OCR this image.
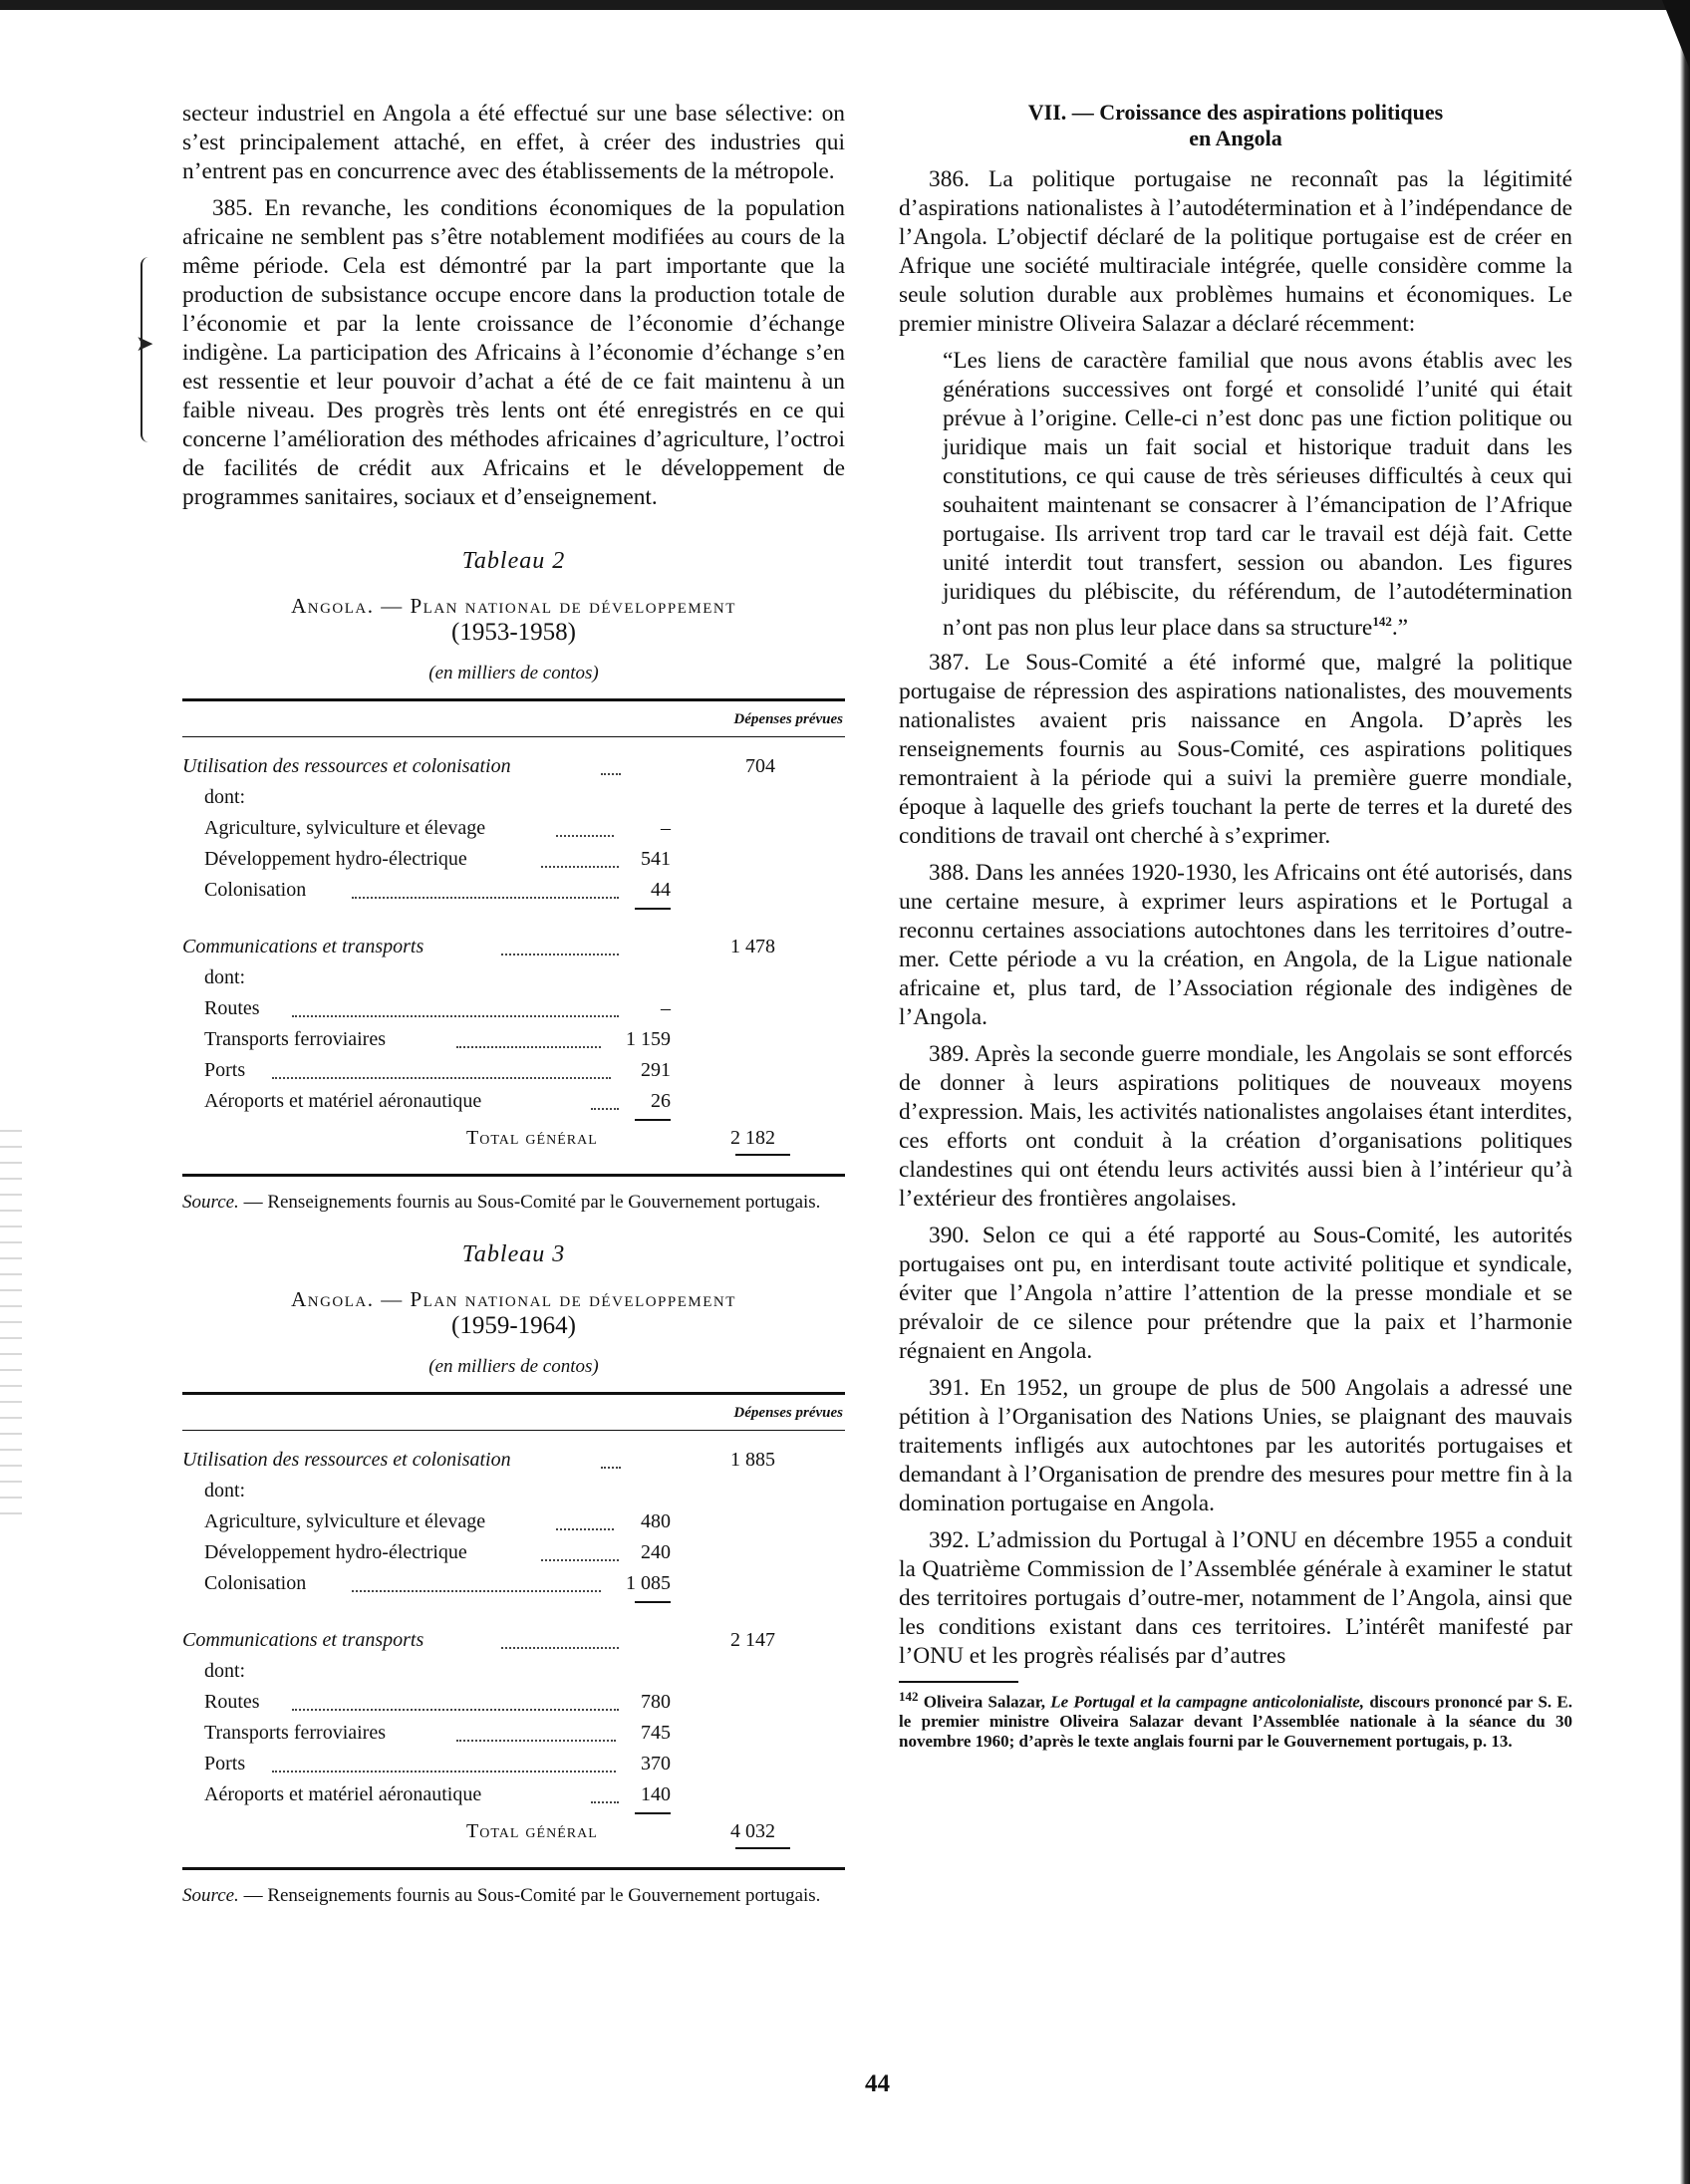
➤

secteur industriel en Angola a été effectué sur une base sélective: on s’est principalement attaché, en effet, à créer des industries qui n’entrent pas en concurrence avec des établissements de la métropole.

385. En revanche, les conditions économiques de la population africaine ne semblent pas s’être notablement modifiées au cours de la même période. Cela est démontré par la part importante que la production de subsistance occupe encore dans la production totale de l’économie et par la lente croissance de l’économie d’échange indigène. La participation des Africains à l’économie d’échange s’en est ressentie et leur pouvoir d’achat a été de ce fait maintenu à un faible niveau. Des progrès très lents ont été enregistrés en ce qui concerne l’amélioration des méthodes africaines d’agriculture, l’octroi de facilités de crédit aux Africains et le développement de programmes sanitaires, sociaux et d’enseignement.

Tableau 2
Angola. — Plan national de développement
(1953-1958)
(en milliers de contos)
Dépenses prévues
Utilisation des ressources et colonisation	704
dont:
Agriculture, sylviculture et élevage	–
Développement hydro-électrique	541
Colonisation	44
Communications et transports	1 478
dont:
Routes	–
Transports ferroviaires	1 159
Ports	291
Aéroports et matériel aéronautique	26
Total général	2 182
Source. — Renseignements fournis au Sous-Comité par le Gouvernement portugais.
Tableau 3
Angola. — Plan national de développement
(1959-1964)
(en milliers de contos)
Dépenses prévues
Utilisation des ressources et colonisation	1 885
dont:
Agriculture, sylviculture et élevage	480
Développement hydro-électrique	240
Colonisation	1 085
Communications et transports	2 147
dont:
Routes	780
Transports ferroviaires	745
Ports	370
Aéroports et matériel aéronautique	140
Total général	4 032
Source. — Renseignements fournis au Sous-Comité par le Gouvernement portugais.
VII. — Croissance des aspirations politiques
en Angola

386. La politique portugaise ne reconnaît pas la légitimité d’aspirations nationalistes à l’autodétermination et à l’indépendance de l’Angola. L’objectif déclaré de la politique portugaise est de créer en Afrique une société multiraciale intégrée, quelle considère comme la seule solution durable aux problèmes humains et économiques. Le premier ministre Oliveira Salazar a déclaré récemment:

“Les liens de caractère familial que nous avons établis avec les générations successives ont forgé et consolidé l’unité qui était prévue à l’origine. Celle-ci n’est donc pas une fiction politique ou juridique mais un fait social et historique traduit dans les constitutions, ce qui cause de très sérieuses difficultés à ceux qui souhaitent maintenant se consacrer à l’émancipation de l’Afrique portugaise. Ils arrivent trop tard car le travail est déjà fait. Cette unité interdit tout transfert, session ou abandon. Les figures juridiques du plébiscite, du référendum, de l’autodétermination n’ont pas non plus leur place dans sa structure$^{142}$.”

387. Le Sous-Comité a été informé que, malgré la politique portugaise de répression des aspirations nationalistes, des mouvements nationalistes avaient pris naissance en Angola. D’après les renseignements fournis au Sous-Comité, ces aspirations politiques remontraient à la période qui a suivi la première guerre mondiale, époque à laquelle des griefs touchant la perte de terres et la dureté des conditions de travail ont cherché à s’exprimer.

388. Dans les années 1920-1930, les Africains ont été autorisés, dans une certaine mesure, à exprimer leurs aspirations et le Portugal a reconnu certaines associations autochtones dans les territoires d’outre-mer. Cette période a vu la création, en Angola, de la Ligue nationale africaine et, plus tard, de l’Association régionale des indigènes de l’Angola.

389. Après la seconde guerre mondiale, les Angolais se sont efforcés de donner à leurs aspirations politiques de nouveaux moyens d’expression. Mais, les activités nationalistes angolaises étant interdites, ces efforts ont conduit à la création d’organisations politiques clandestines qui ont étendu leurs activités aussi bien à l’intérieur qu’à l’extérieur des frontières angolaises.

390. Selon ce qui a été rapporté au Sous-Comité, les autorités portugaises ont pu, en interdisant toute activité politique et syndicale, éviter que l’Angola n’attire l’attention de la presse mondiale et se prévaloir de ce silence pour prétendre que la paix et l’harmonie régnaient en Angola.

391. En 1952, un groupe de plus de 500 Angolais a adressé une pétition à l’Organisation des Nations Unies, se plaignant des mauvais traitements infligés aux autochtones par les autorités portugaises et demandant à l’Organisation de prendre des mesures pour mettre fin à la domination portugaise en Angola.

392. L’admission du Portugal à l’ONU en décembre 1955 a conduit la Quatrième Commission de l’Assemblée générale à examiner le statut des territoires portugais d’outre-mer, notamment de l’Angola, ainsi que les conditions existant dans ces territoires. L’intérêt manifesté par l’ONU et les progrès réalisés par d’autres

$^{142}$ Oliveira Salazar, Le Portugal et la campagne anticolonialiste, discours prononcé par S. E. le premier ministre Oliveira Salazar devant l’Assemblée nationale à la séance du 30 novembre 1960; d’après le texte anglais fourni par le Gouvernement portugais, p. 13.
44
